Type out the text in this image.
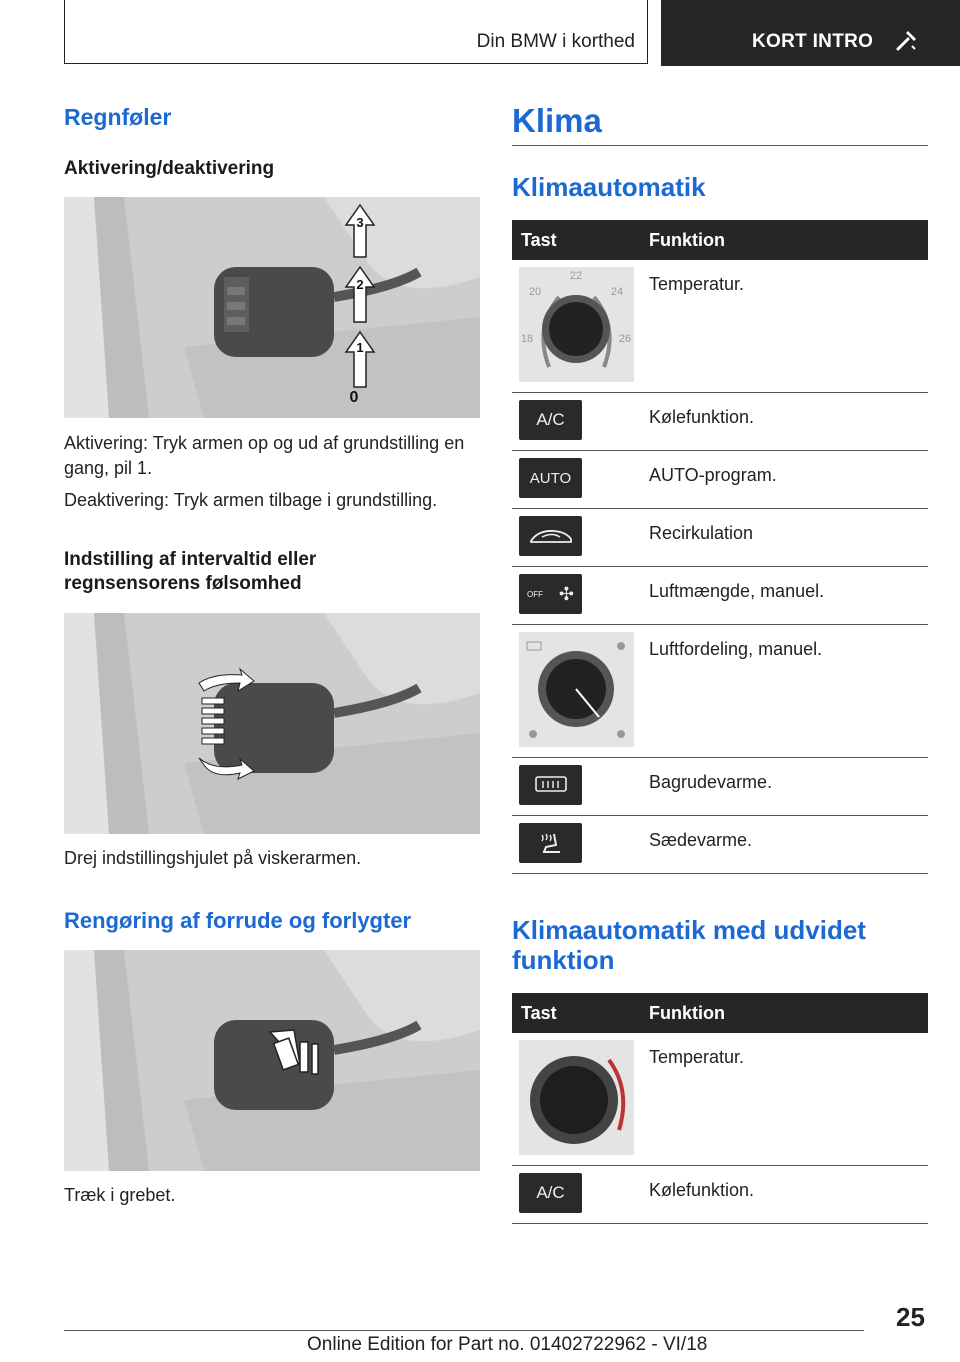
Din BMW i korthed	KORT INTRO
Regnføler
Aktivering/deaktivering
3
2
1
0

Aktivering: Tryk armen op og ud af grundstilling en gang, pil 1.

Deaktivering: Tryk armen tilbage i grundstilling.

Indstilling af intervaltid eller regnsensorens følsomhed

Drej indstillingshjulet på viskerarmen.

Rengøring af forrude og forlygter

Træk i grebet.

Klima
Klimaautomatik
Tast	Funktion

22
20 24
18 26	Temperatur.

A/C	Kølefunktion.

AUTO	AUTO-program.

	Recirkulation

OFF ✣	Luftmængde, manuel.

	Luftfordeling, manuel.

	Bagrudevarme.

	Sædevarme.
Klimaautomatik med udvidet funktion
Tast	Funktion

	Temperatur.

A/C	Kølefunktion.
25
Online Edition for Part no. 01402722962 - VI/18
